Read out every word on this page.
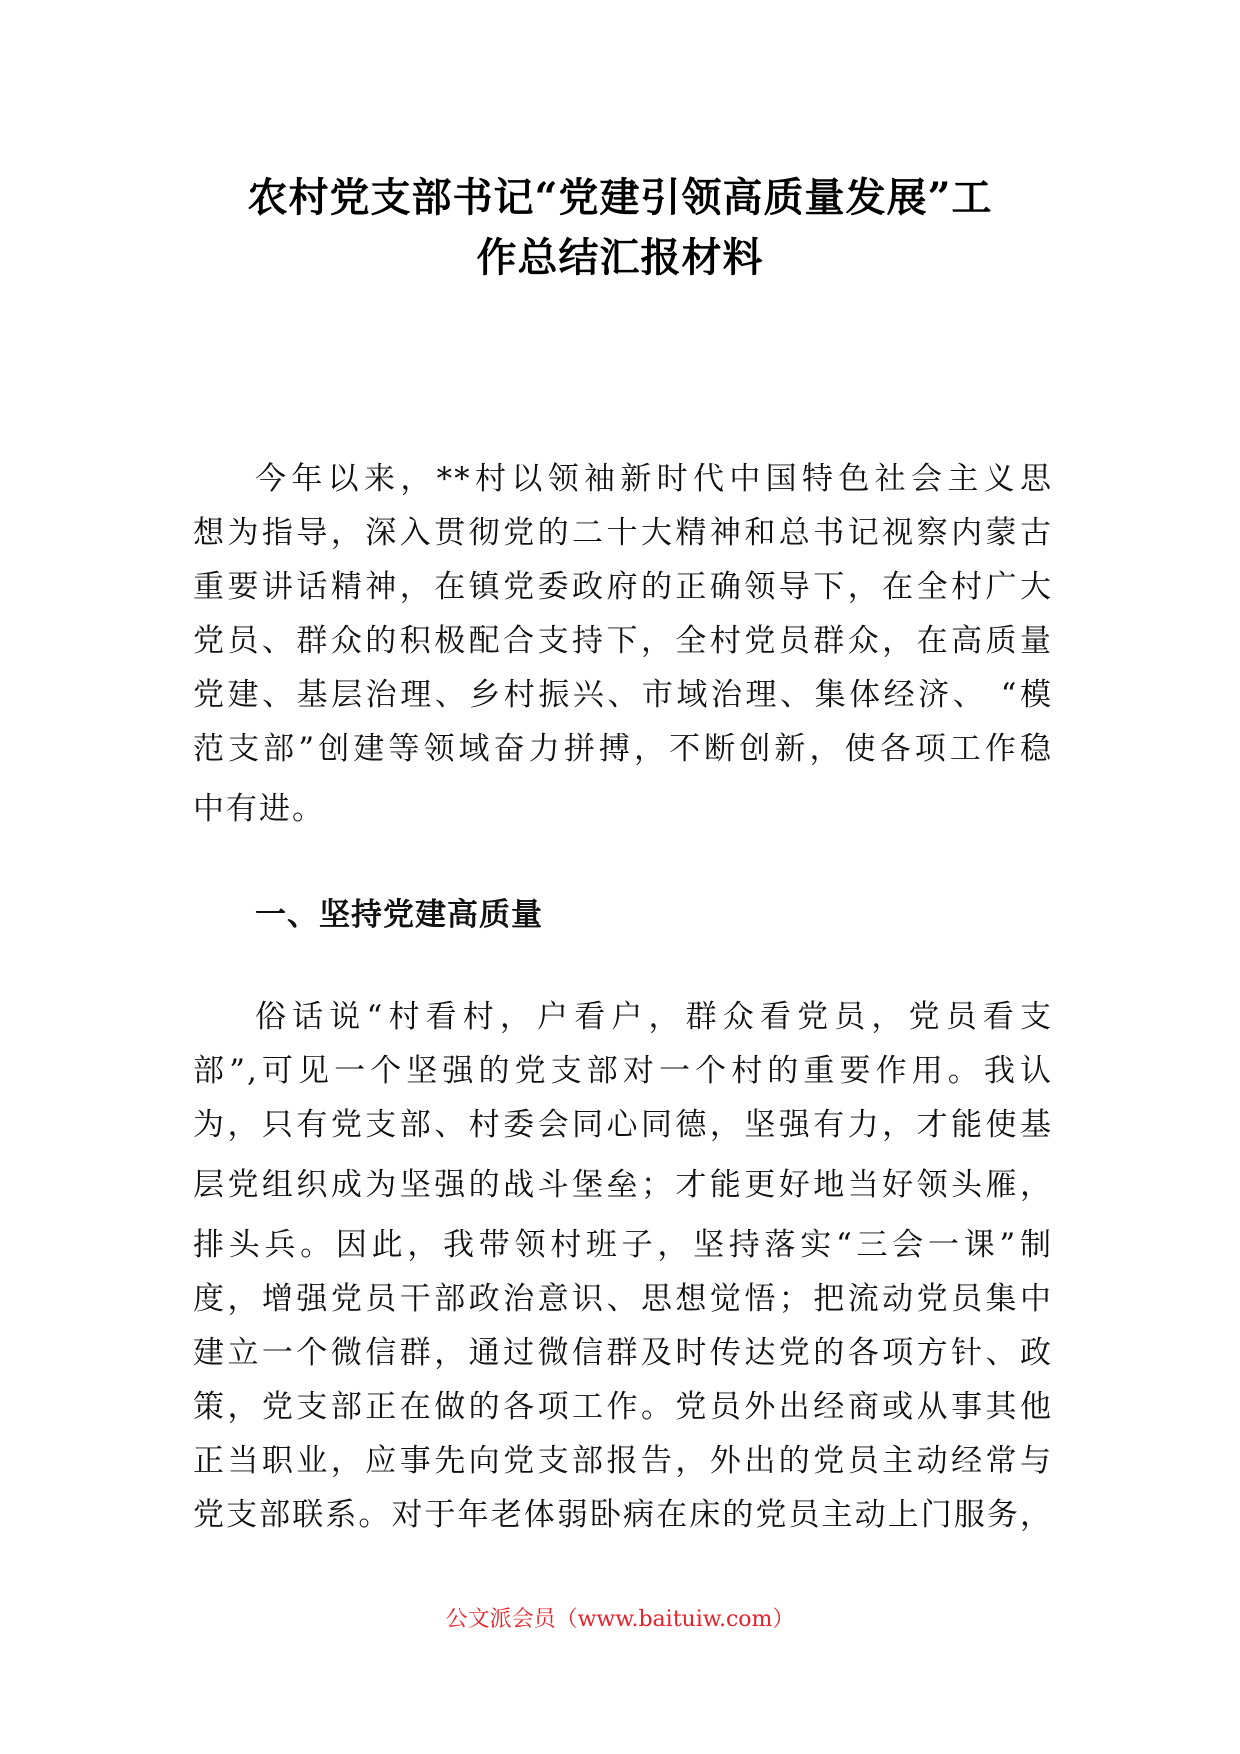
农村党支部书记“党建引领高质量发展”工
作总结汇报材料
今年以来，**村以领袖新时代中国特色社会主义思
想为指导，深入贯彻党的二十大精神和总书记视察内蒙古
重要讲话精神，在镇党委政府的正确领导下，在全村广大
党员、群众的积极配合支持下，全村党员群众，在高质量
党建、基层治理、乡村振兴、市域治理、集体经济、 “模
范支部”创建等领域奋力拼搏，不断创新，使各项工作稳
中有进。
一、坚持党建高质量
俗话说“村看村，户看户，群众看党员，党员看支
部”,可见一个坚强的党支部对一个村的重要作用。我认
为，只有党支部、村委会同心同德，坚强有力，才能使基
层党组织成为坚强的战斗堡垒；才能更好地当好领头雁，
排头兵。因此，我带领村班子，坚持落实“三会一课”制
度，增强党员干部政治意识、思想觉悟；把流动党员集中
建立一个微信群，通过微信群及时传达党的各项方针、政
策，党支部正在做的各项工作。党员外出经商或从事其他
正当职业，应事先向党支部报告，外出的党员主动经常与
党支部联系。对于年老体弱卧病在床的党员主动上门服务，
公文派会员（www.baituiw.com）
